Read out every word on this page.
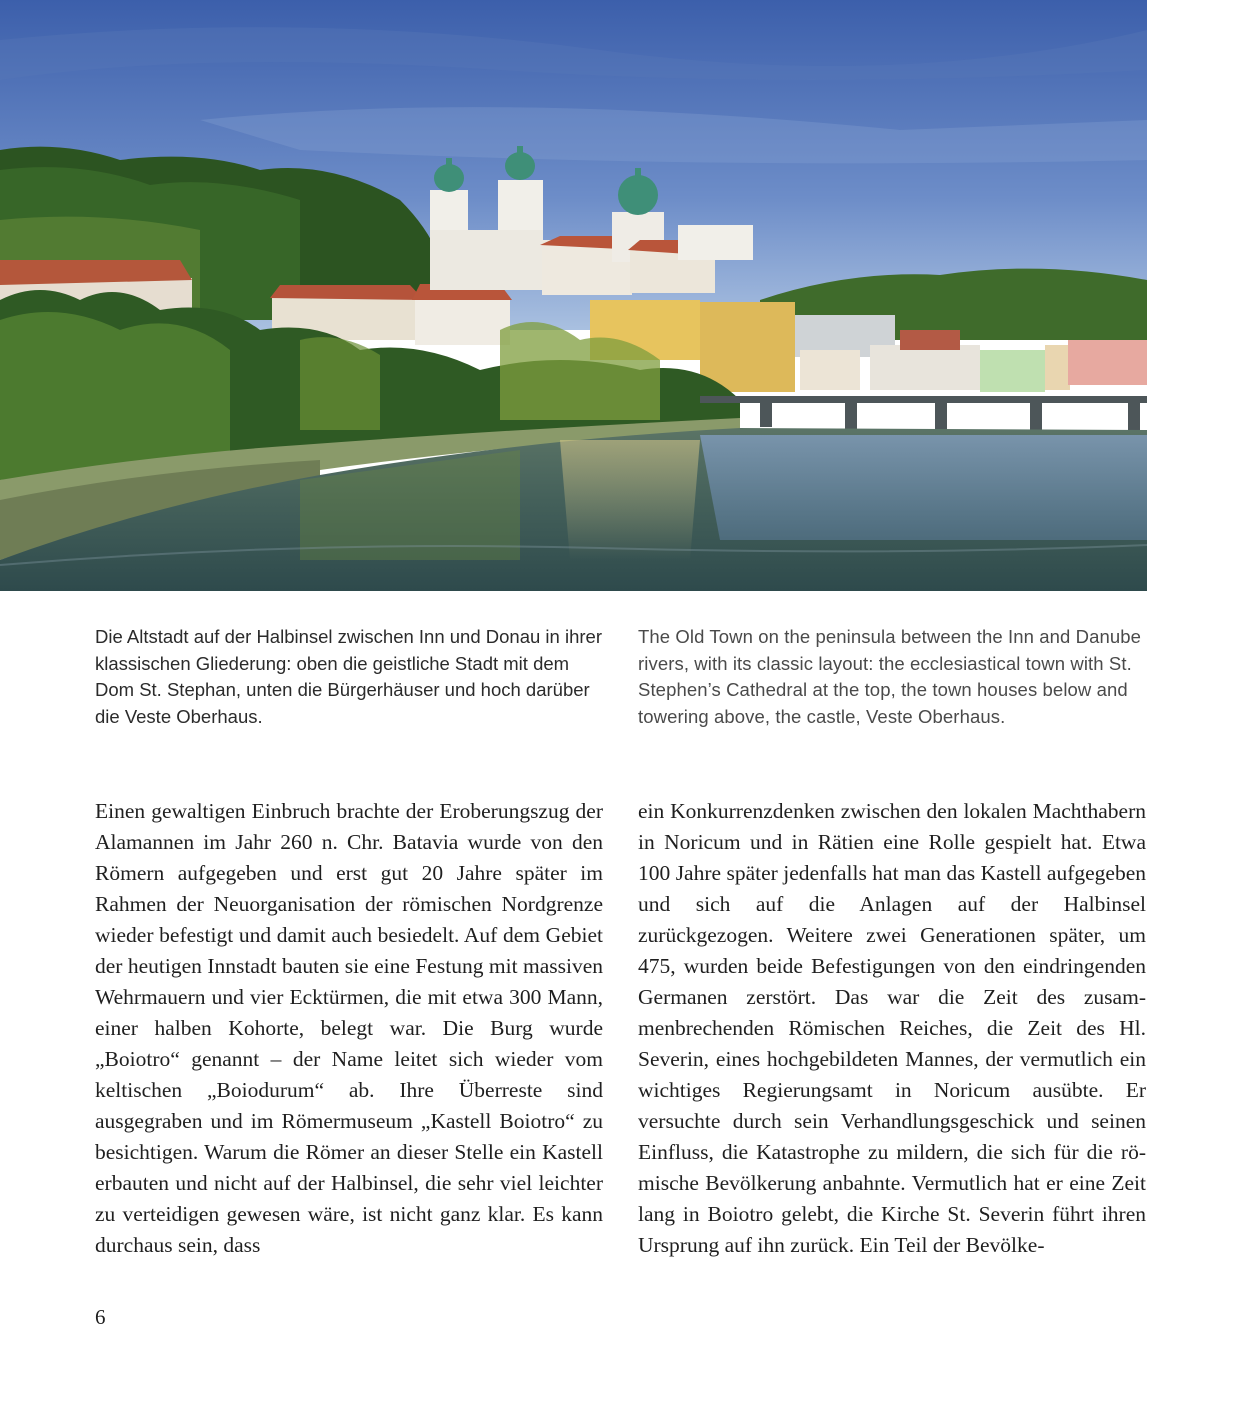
Die Altstadt auf der Halbinsel zwischen Inn und Donau in ihrer klassischen Gliederung: oben die geistliche Stadt mit dem Dom St. Stephan, unten die Bürgerhäuser und hoch darüber die Veste Oberhaus.

The Old Town on the peninsula between the Inn and Danube rivers, with its classic layout: the ecclesiastical town with St. Stephen’s Cathedral at the top, the town houses below and towering above, the castle, Veste Oberhaus.

Einen gewaltigen Einbruch brachte der Eroberungszug der Alamannen im Jahr 260 n. Chr. Batavia wurde von den Römern aufgegeben und erst gut 20 Jahre später im Rahmen der Neuorganisation der römischen Nordgrenze wieder befestigt und damit auch besiedelt. Auf dem Gebiet der heutigen Innstadt bauten sie eine Festung mit massiven Wehrmauern und vier Ecktürmen, die mit etwa 300 Mann, einer halben Kohorte, belegt war. Die Burg wurde „Boiotro“ genannt – der Name leitet sich wieder vom keltischen „Boiodurum“ ab. Ihre Überreste sind ausgegraben und im Römermuseum „Kastell Boiotro“ zu besichtigen. Warum die Römer an dieser Stelle ein Kastell erbauten und nicht auf der Halbinsel, die sehr viel leichter zu verteidigen gewesen wäre, ist nicht ganz klar. Es kann durchaus sein, dass

ein Konkurrenzdenken zwischen den lokalen Machthabern in Noricum und in Rätien eine Rolle gespielt hat. Etwa 100 Jahre später jedenfalls hat man das Kastell aufgegeben und sich auf die Anlagen auf der Halbinsel zurückgezogen. Weitere zwei Generationen später, um 475, wurden beide Befestigungen von den eindringenden Germanen zerstört. Das war die Zeit des zusammenbrechenden Römischen Reiches, die Zeit des Hl. Severin, eines hochgebildeten Mannes, der vermutlich ein wichtiges Regierungsamt in Noricum ausübte. Er versuchte durch sein Verhandlungsgeschick und seinen Einfluss, die Katastrophe zu mildern, die sich für die römische Bevölkerung anbahnte. Vermutlich hat er eine Zeit lang in Boiotro gelebt, die Kirche St. Severin führt ihren Ursprung auf ihn zurück. Ein Teil der Bevölke-

6
